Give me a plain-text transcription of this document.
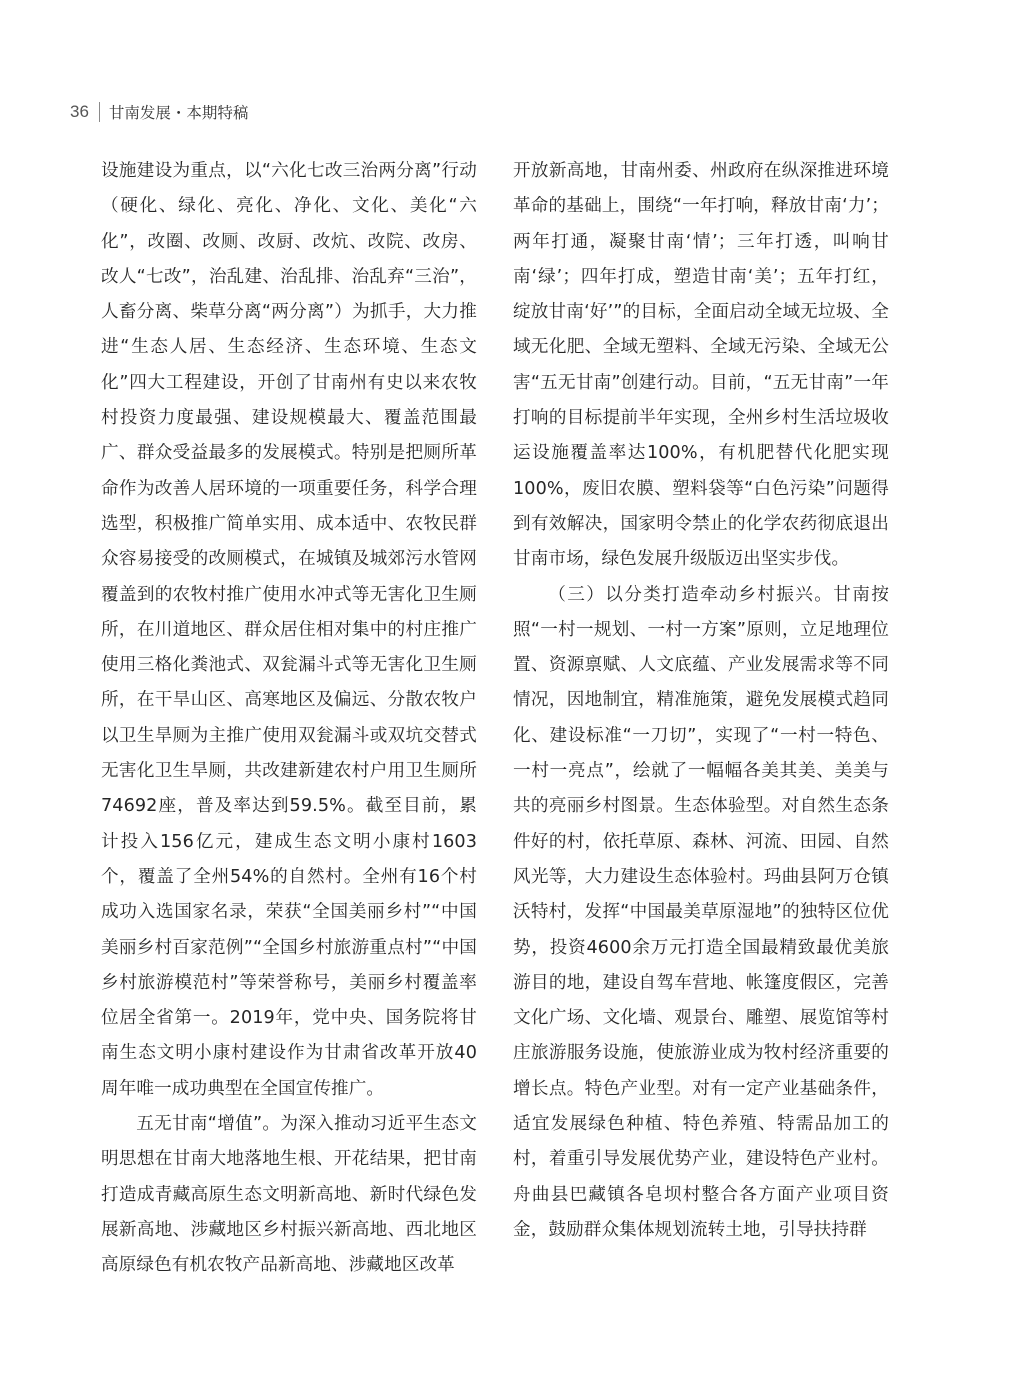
36 甘南发展・本期特稿

设施建设为重点，以“六化七改三治两分离”行动（硬化、绿化、亮化、净化、文化、美化“六化”，改圈、改厕、改厨、改炕、改院、改房、改人“七改”，治乱建、治乱排、治乱弃“三治”，人畜分离、柴草分离“两分离”）为抓手，大力推进“生态人居、生态经济、生态环境、生态文化”四大工程建设，开创了甘南州有史以来农牧村投资力度最强、建设规模最大、覆盖范围最广、群众受益最多的发展模式。特别是把厕所革命作为改善人居环境的一项重要任务，科学合理选型，积极推广简单实用、成本适中、农牧民群众容易接受的改厕模式，在城镇及城郊污水管网覆盖到的农牧村推广使用水冲式等无害化卫生厕所，在川道地区、群众居住相对集中的村庄推广使用三格化粪池式、双瓮漏斗式等无害化卫生厕所，在干旱山区、高寒地区及偏远、分散农牧户以卫生旱厕为主推广使用双瓮漏斗或双坑交替式无害化卫生旱厕，共改建新建农村户用卫生厕所74692座，普及率达到59.5%。截至目前，累计投入156亿元，建成生态文明小康村1603个，覆盖了全州54%的自然村。全州有16个村成功入选国家名录，荣获“全国美丽乡村”“中国美丽乡村百家范例”“全国乡村旅游重点村”“中国乡村旅游模范村”等荣誉称号，美丽乡村覆盖率位居全省第一。2019年，党中央、国务院将甘南生态文明小康村建设作为甘肃省改革开放40周年唯一成功典型在全国宣传推广。

五无甘南“增值”。为深入推动习近平生态文明思想在甘南大地落地生根、开花结果，把甘南打造成青藏高原生态文明新高地、新时代绿色发展新高地、涉藏地区乡村振兴新高地、西北地区高原绿色有机农牧产品新高地、涉藏地区改革

开放新高地，甘南州委、州政府在纵深推进环境革命的基础上，围绕“一年打响，释放甘南‘力’；两年打通，凝聚甘南‘情’；三年打透，叫响甘南‘绿’；四年打成，塑造甘南‘美’；五年打红，绽放甘南‘好’”的目标，全面启动全域无垃圾、全域无化肥、全域无塑料、全域无污染、全域无公害“五无甘南”创建行动。目前，“五无甘南”一年打响的目标提前半年实现，全州乡村生活垃圾收运设施覆盖率达100%，有机肥替代化肥实现100%，废旧农膜、塑料袋等“白色污染”问题得到有效解决，国家明令禁止的化学农药彻底退出甘南市场，绿色发展升级版迈出坚实步伐。

（三）以分类打造牵动乡村振兴。甘南按照“一村一规划、一村一方案”原则，立足地理位置、资源禀赋、人文底蕴、产业发展需求等不同情况，因地制宜，精准施策，避免发展模式趋同化、建设标准“一刀切”，实现了“一村一特色、一村一亮点”，绘就了一幅幅各美其美、美美与共的亮丽乡村图景。生态体验型。对自然生态条件好的村，依托草原、森林、河流、田园、自然风光等，大力建设生态体验村。玛曲县阿万仓镇沃特村，发挥“中国最美草原湿地”的独特区位优势，投资4600余万元打造全国最精致最优美旅游目的地，建设自驾车营地、帐篷度假区，完善文化广场、文化墙、观景台、雕塑、展览馆等村庄旅游服务设施，使旅游业成为牧村经济重要的增长点。特色产业型。对有一定产业基础条件，适宜发展绿色种植、特色养殖、特需品加工的村，着重引导发展优势产业，建设特色产业村。舟曲县巴藏镇各皂坝村整合各方面产业项目资金，鼓励群众集体规划流转土地，引导扶持群
